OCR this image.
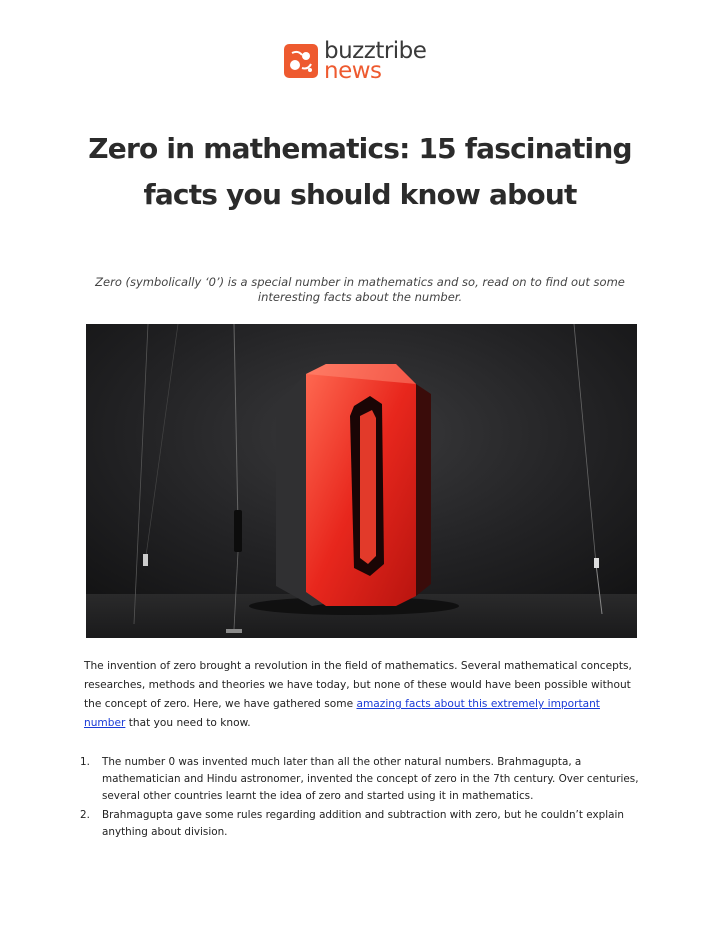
buzztribe
news
Zero in mathematics: 15 fascinating facts you should know about

Zero (symbolically ‘0’) is a special number in mathematics and so, read on to find out some interesting facts about the number.

The invention of zero brought a revolution in the field of mathematics. Several mathematical concepts, researches, methods and theories we have today, but none of these would have been possible without the concept of zero. Here, we have gathered some amazing facts about this extremely important number that you need to know.

1. The number 0 was invented much later than all the other natural numbers. Brahmagupta, a mathematician and Hindu astronomer, invented the concept of zero in the 7th century. Over centuries, several other countries learnt the idea of zero and started using it in mathematics.
2. Brahmagupta gave some rules regarding addition and subtraction with zero, but he couldn’t explain anything about division.
